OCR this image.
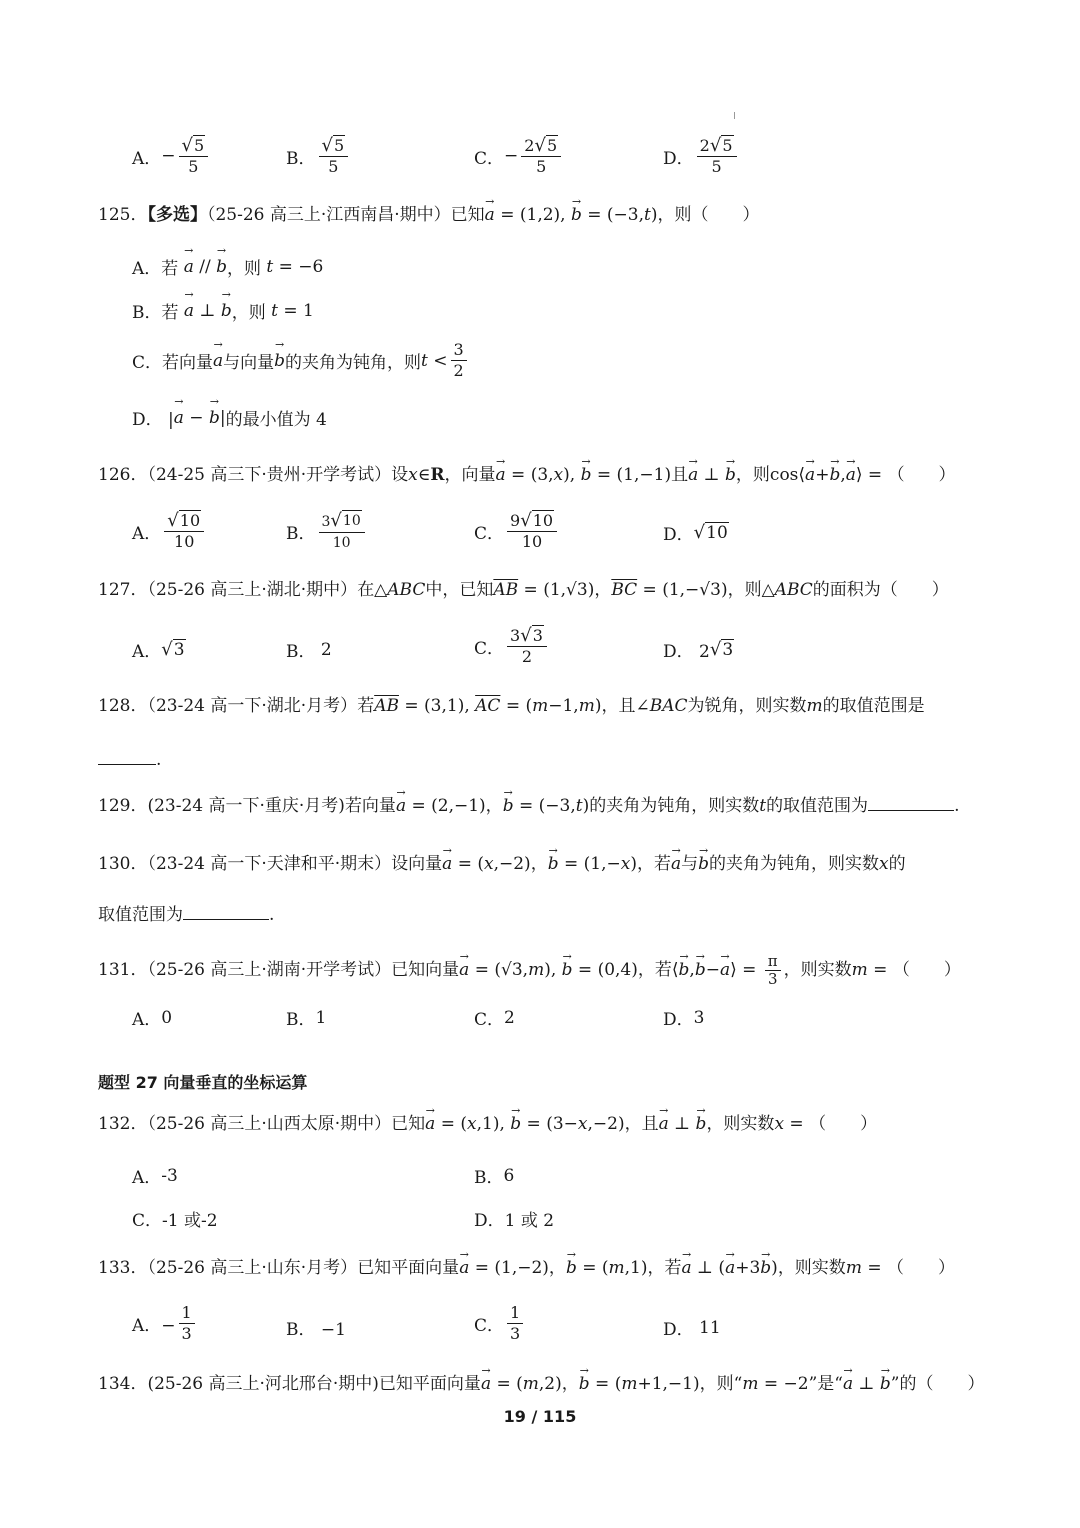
A． − $\frac{√ 5}{5}$	B． $\frac{√ 5}{5}$	C． − $\frac{2 √ 5}{5}$	D． $\frac{2 √ 5}{5}$
125．【多选】（25-26 高三上·江西南昌·期中）已知→ a = (1,2), → b = (−3,t)，则（　　）
A． 若
→ a // → b ，则
t = −6
B． 若
→ a ⊥ → b ，则
t = 1
C． 若向量 → a 与向量 → b 的夹角为钝角，则 $t < \frac{3}{2}$
D． | → a − → b | 的最小值为 4
126．（24-25 高三下·贵州·开学考试）设x∈R，向量→ a = (3,x), → b = (1,−1)且→ a ⊥ → b，则cos⟨→ a+→ b,→ a⟩ = （　　）
A． $\frac{√ 10}{10}$	B． $\frac{3 √ 10}{10}$	C． $\frac{9 √ 10}{10}$	D． √ 10
127．（25-26 高三上·湖北·期中）在△ABC中，已知$\overline{AB} = (1,√3)$，$\overline{BC} = (1,-√3)$，则△ABC的面积为（　　）
A． √ 3	B． 2	C． $\frac{3 √ 3}{2}$	D． 2 √ 3
128．（23-24 高一下·湖北·月考）若$\overline{AB} = (3,1)$, $\overline{AC} = (m-1,m)$，且∠BAC为锐角，则实数m的取值范围是
.
129．(23-24 高一下·重庆·月考)若向量→ a = (2,−1)，→ b = (−3,t)的夹角为钝角，则实数t的取值范围为	.
130．（23-24 高一下·天津和平·期末）设向量→ a = (x,−2)，→ b = (1,−x)，若→ a与→ b的夹角为钝角，则实数x的
取值范围为	.
131．（25-26 高三上·湖南·开学考试）已知向量→ a = (√3,m), → b = (0,4)，若⟨→ b,→ b−→ a⟩ = $\frac{\pi}{3}$ ，则实数m = （　　）
A． 0	B． 1	C． 2	D． 3
题型 27 向量垂直的坐标运算
132．（25-26 高三上·山西太原·期中）已知→ a = (x,1), → b = (3−x,−2)，且→ a ⊥ → b，则实数x = （　　）
A． -3	B． 6
C． -1 或-2	D． 1 或 2
133．（25-26 高三上·山东·月考）已知平面向量→ a = (1,−2)，→ b = (m,1)，若→ a ⊥ (→ a+3→ b)，则实数m = （　　）
A．− $\frac{1}{3}$	B． −1	C． $\frac{1}{3}$	D． 11
134．(25-26 高三上·河北邢台·期中)已知平面向量→ a = (m,2)，→ b = (m+1,−1)，则“m = −2”是“→ a ⊥ → b”的（　　）
19 / 115
